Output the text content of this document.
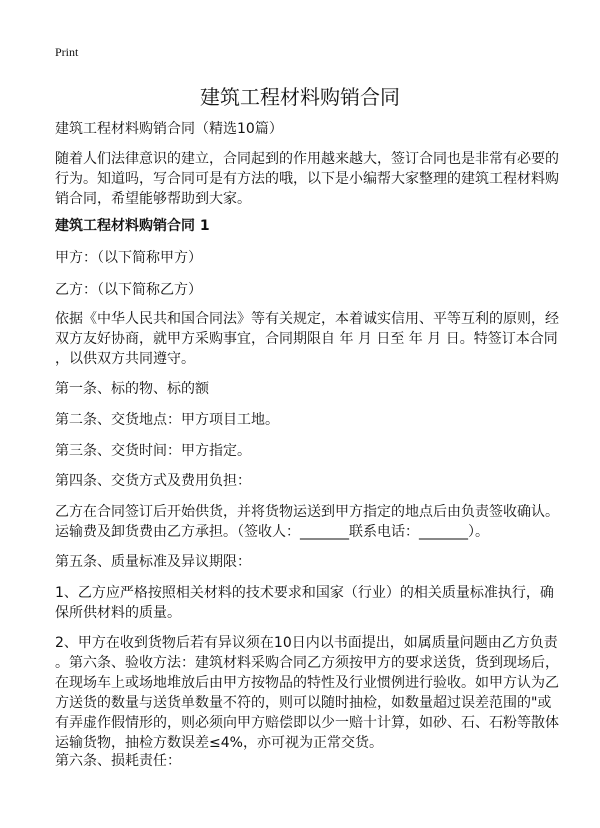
Print
建筑工程材料购销合同
建筑工程材料购销合同（精选10篇）
随着人们法律意识的建立，合同起到的作用越来越大，签订合同也是非常有必要的
行为。知道吗，写合同可是有方法的哦，以下是小编帮大家整理的建筑工程材料购
销合同，希望能够帮助到大家。
建筑工程材料购销合同 1
甲方：（以下简称甲方）
乙方：（以下简称乙方）
依据《中华人民共和国合同法》等有关规定，本着诚实信用、平等互利的原则，经
双方友好协商，就甲方采购事宜，合同期限自 年 月 日至 年 月 日。特签订本合同
，以供双方共同遵守。
第一条、标的物、标的额
第二条、交货地点：甲方项目工地。
第三条、交货时间：甲方指定。
第四条、交货方式及费用负担：
乙方在合同签订后开始供货，并将货物运送到甲方指定的地点后由负责签收确认。
运输费及卸货费由乙方承担。（签收人：_______联系电话：_______）。
第五条、质量标准及异议期限：
1、乙方应严格按照相关材料的技术要求和国家（行业）的相关质量标准执行，确
保所供材料的质量。
2、甲方在收到货物后若有异议须在10日内以书面提出，如属质量问题由乙方负责
。第六条、验收方法：建筑材料采购合同乙方须按甲方的要求送货，货到现场后，
在现场车上或场地堆放后由甲方按物品的特性及行业惯例进行验收。如甲方认为乙
方送货的数量与送货单数量不符的，则可以随时抽检，如数量超过误差范围的"或
有弄虚作假情形的，则必须向甲方赔偿即以少一赔十计算，如砂、石、石粉等散体
运输货物，抽检方数误差≤4%，亦可视为正常交货。
第六条、损耗责任：
